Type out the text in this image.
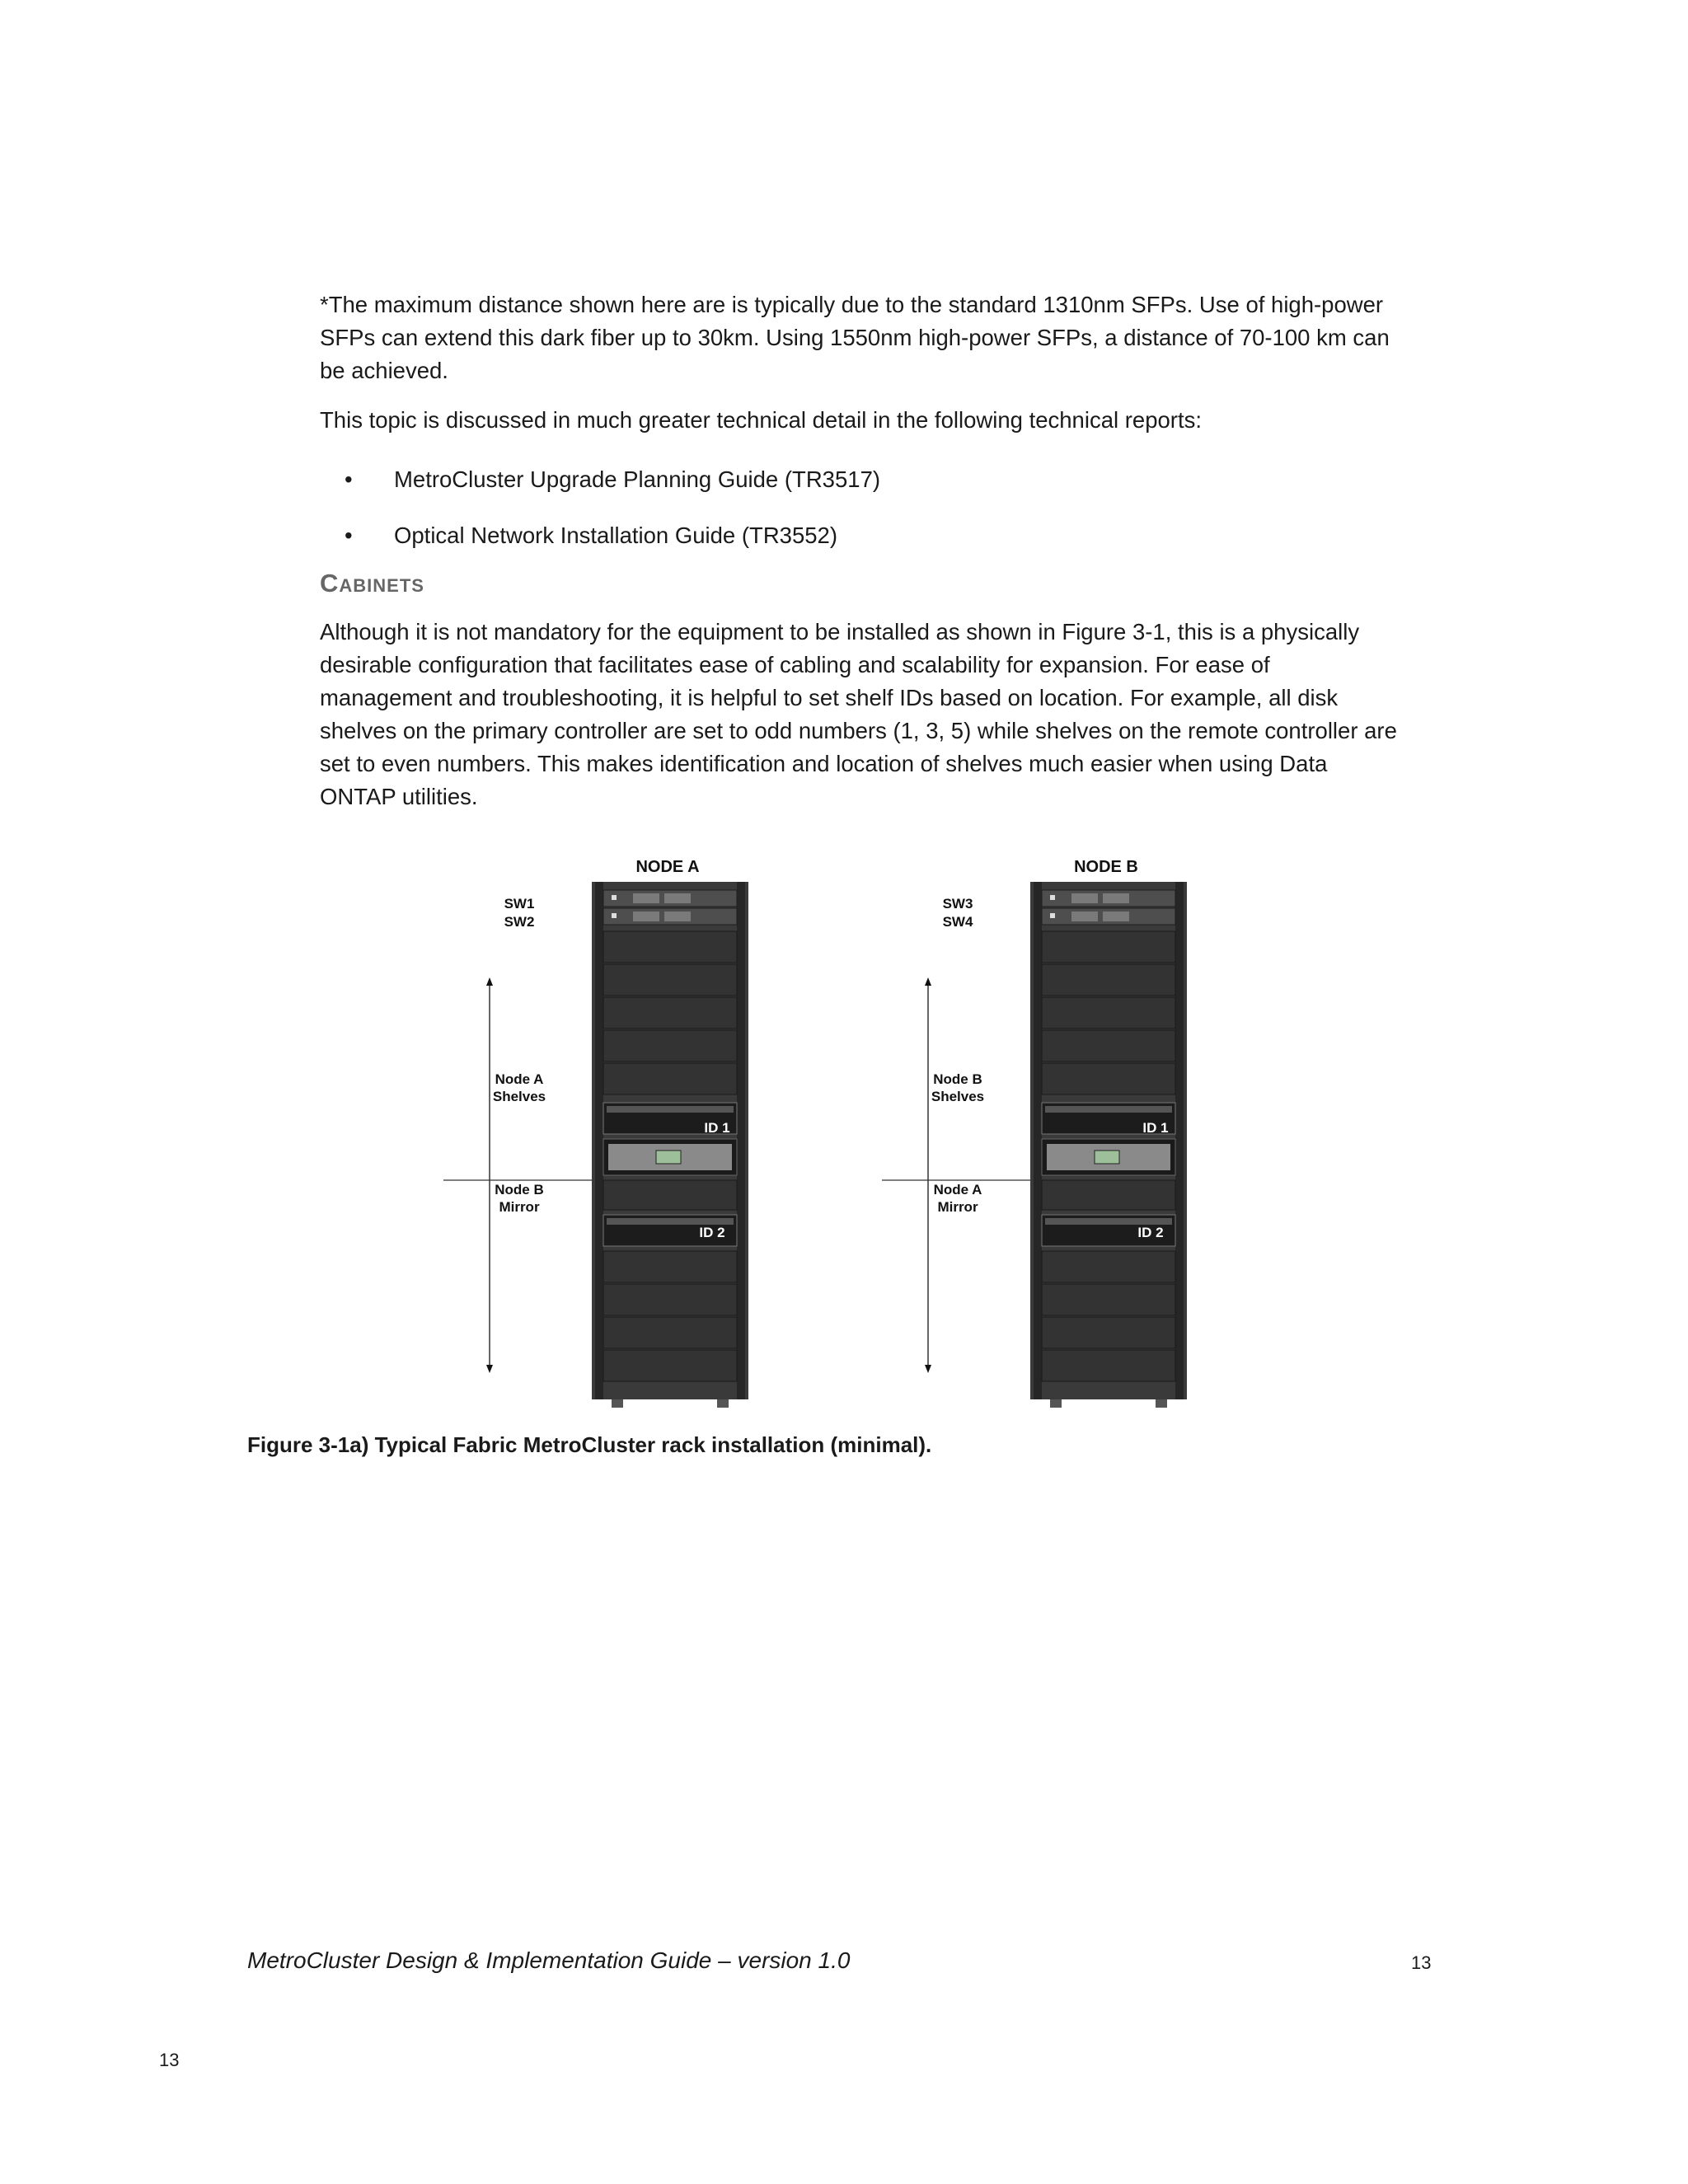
*The maximum distance shown here are is typically due to the standard 1310nm SFPs. Use of high-power SFPs can extend this dark fiber up to 30km. Using 1550nm high-power SFPs, a distance of 70-100 km can be achieved.
This topic is discussed in much greater technical detail in the following technical reports:
•	MetroCluster Upgrade Planning Guide (TR3517)
•	Optical Network Installation Guide (TR3552)
Cabinets
Although it is not mandatory for the equipment to be installed as shown in Figure 3-1, this is a physically desirable configuration that facilitates ease of cabling and scalability for expansion. For ease of management and troubleshooting, it is helpful to set shelf IDs based on location. For example, all disk shelves on the primary controller are set to odd numbers (1, 3, 5) while shelves on the remote controller are set to even numbers. This makes identification and location of shelves much easier when using Data ONTAP utilities.
NODE A
SW1
SW2
Node A
Shelves
Node B
Mirror
ID 1
ID 2
ID 1
ID 2
NODE B
SW3
SW4
Node B
Shelves
Node A
Mirror
Figure 3-1a) Typical Fabric MetroCluster rack installation (minimal).
MetroCluster Design & Implementation Guide – version 1.0	13
13
